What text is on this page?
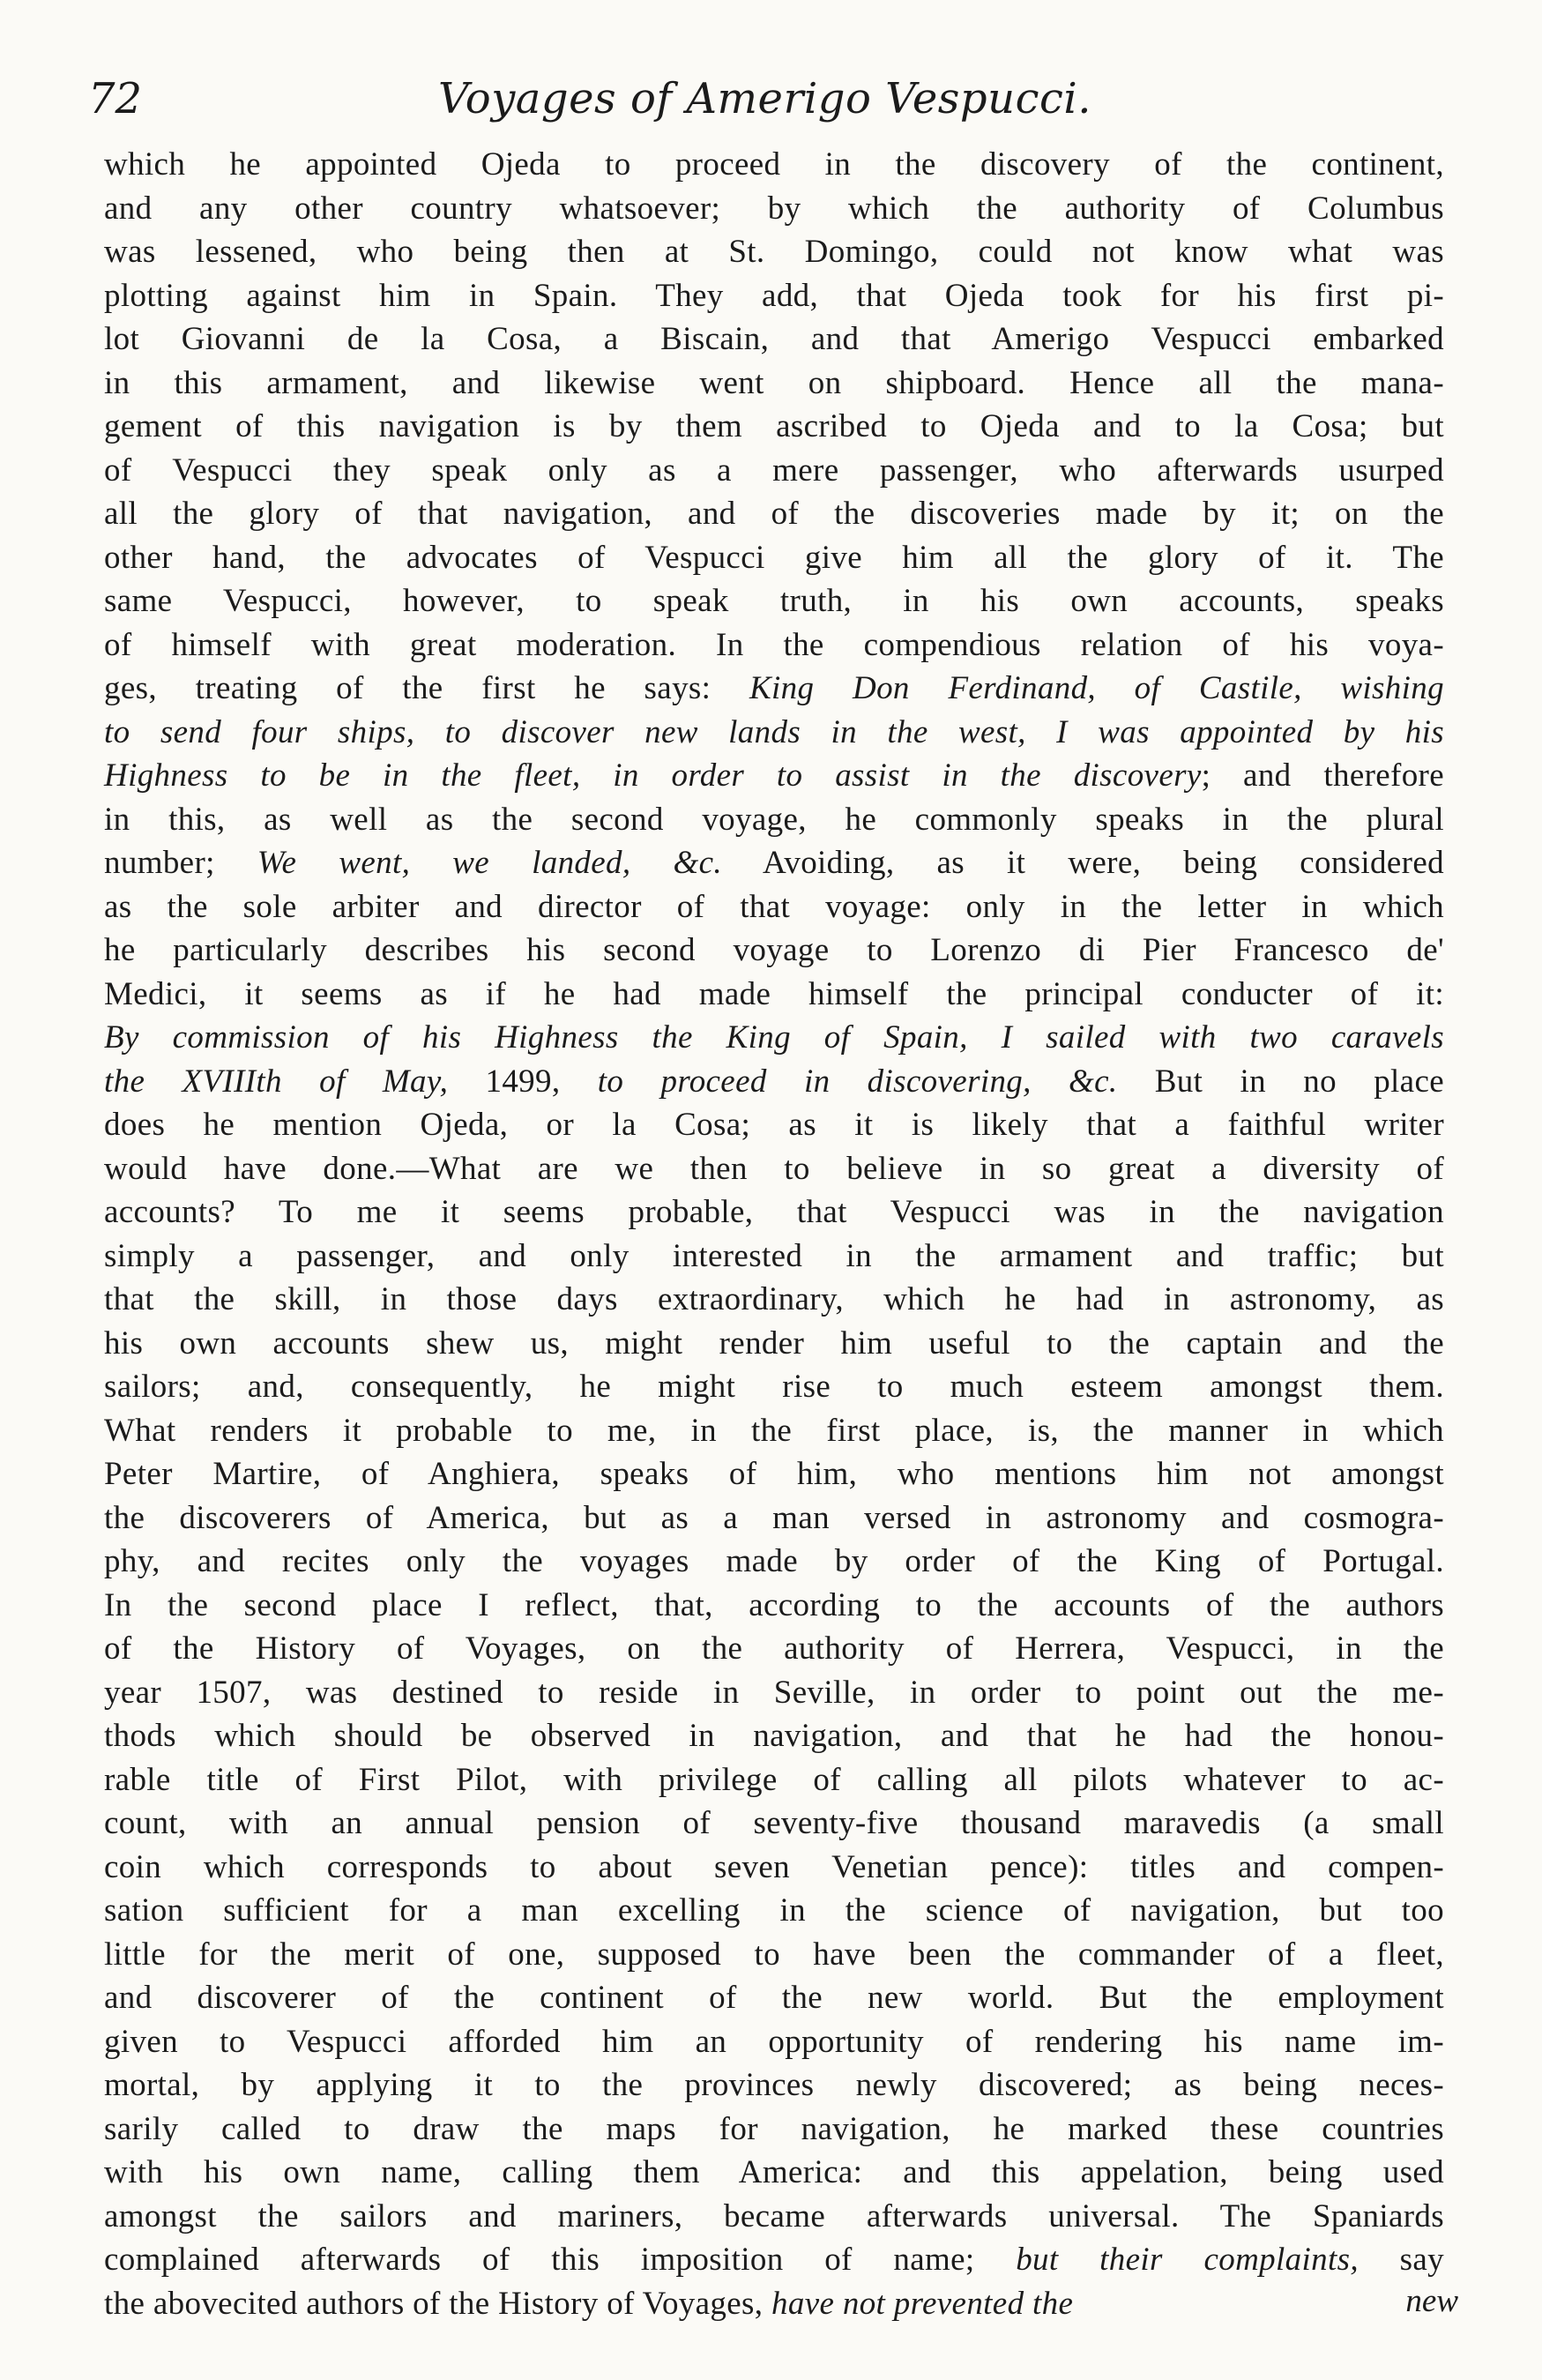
72	Voyages of Amerigo Vespucci.
which he appointed Ojeda to proceed in the discovery of the continent,
and any other country whatsoever; by which the authority of Columbus
was lessened, who being then at St. Domingo, could not know what was
plotting against him in Spain. They add, that Ojeda took for his first pi-
lot Giovanni de la Cosa, a Biscain, and that Amerigo Vespucci embarked
in this armament, and likewise went on shipboard. Hence all the mana-
gement of this navigation is by them ascribed to Ojeda and to la Cosa; but
of Vespucci they speak only as a mere passenger, who afterwards usurped
all the glory of that navigation, and of the discoveries made by it; on the
other hand, the advocates of Vespucci give him all the glory of it. The
same Vespucci, however, to speak truth, in his own accounts, speaks
of himself with great moderation. In the compendious relation of his voya-
ges, treating of the first he says: King Don Ferdinand, of Castile, wishing
to send four ships, to discover new lands in the west, I was appointed by his
Highness to be in the fleet, in order to assist in the discovery; and therefore
in this, as well as the second voyage, he commonly speaks in the plural
number; We went, we landed, &c. Avoiding, as it were, being considered
as the sole arbiter and director of that voyage: only in the letter in which
he particularly describes his second voyage to Lorenzo di Pier Francesco de'
Medici, it seems as if he had made himself the principal conducter of it:
By commission of his Highness the King of Spain, I sailed with two caravels
the XVIIIth of May, 1499, to proceed in discovering, &c. But in no place
does he mention Ojeda, or la Cosa; as it is likely that a faithful writer
would have done.—What are we then to believe in so great a diversity of
accounts? To me it seems probable, that Vespucci was in the navigation
simply a passenger, and only interested in the armament and traffic; but
that the skill, in those days extraordinary, which he had in astronomy, as
his own accounts shew us, might render him useful to the captain and the
sailors; and, consequently, he might rise to much esteem amongst them.
What renders it probable to me, in the first place, is, the manner in which
Peter Martire, of Anghiera, speaks of him, who mentions him not amongst
the discoverers of America, but as a man versed in astronomy and cosmogra-
phy, and recites only the voyages made by order of the King of Portugal.
In the second place I reflect, that, according to the accounts of the authors
of the History of Voyages, on the authority of Herrera, Vespucci, in the
year 1507, was destined to reside in Seville, in order to point out the me-
thods which should be observed in navigation, and that he had the honou-
rable title of First Pilot, with privilege of calling all pilots whatever to ac-
count, with an annual pension of seventy-five thousand maravedis (a small
coin which corresponds to about seven Venetian pence): titles and compen-
sation sufficient for a man excelling in the science of navigation, but too
little for the merit of one, supposed to have been the commander of a fleet,
and discoverer of the continent of the new world. But the employment
given to Vespucci afforded him an opportunity of rendering his name im-
mortal, by applying it to the provinces newly discovered; as being neces-
sarily called to draw the maps for navigation, he marked these countries
with his own name, calling them America: and this appelation, being used
amongst the sailors and mariners, became afterwards universal. The Spaniards
complained afterwards of this imposition of name; but their complaints, say
the abovecited authors of the History of Voyages, have not prevented the	new
